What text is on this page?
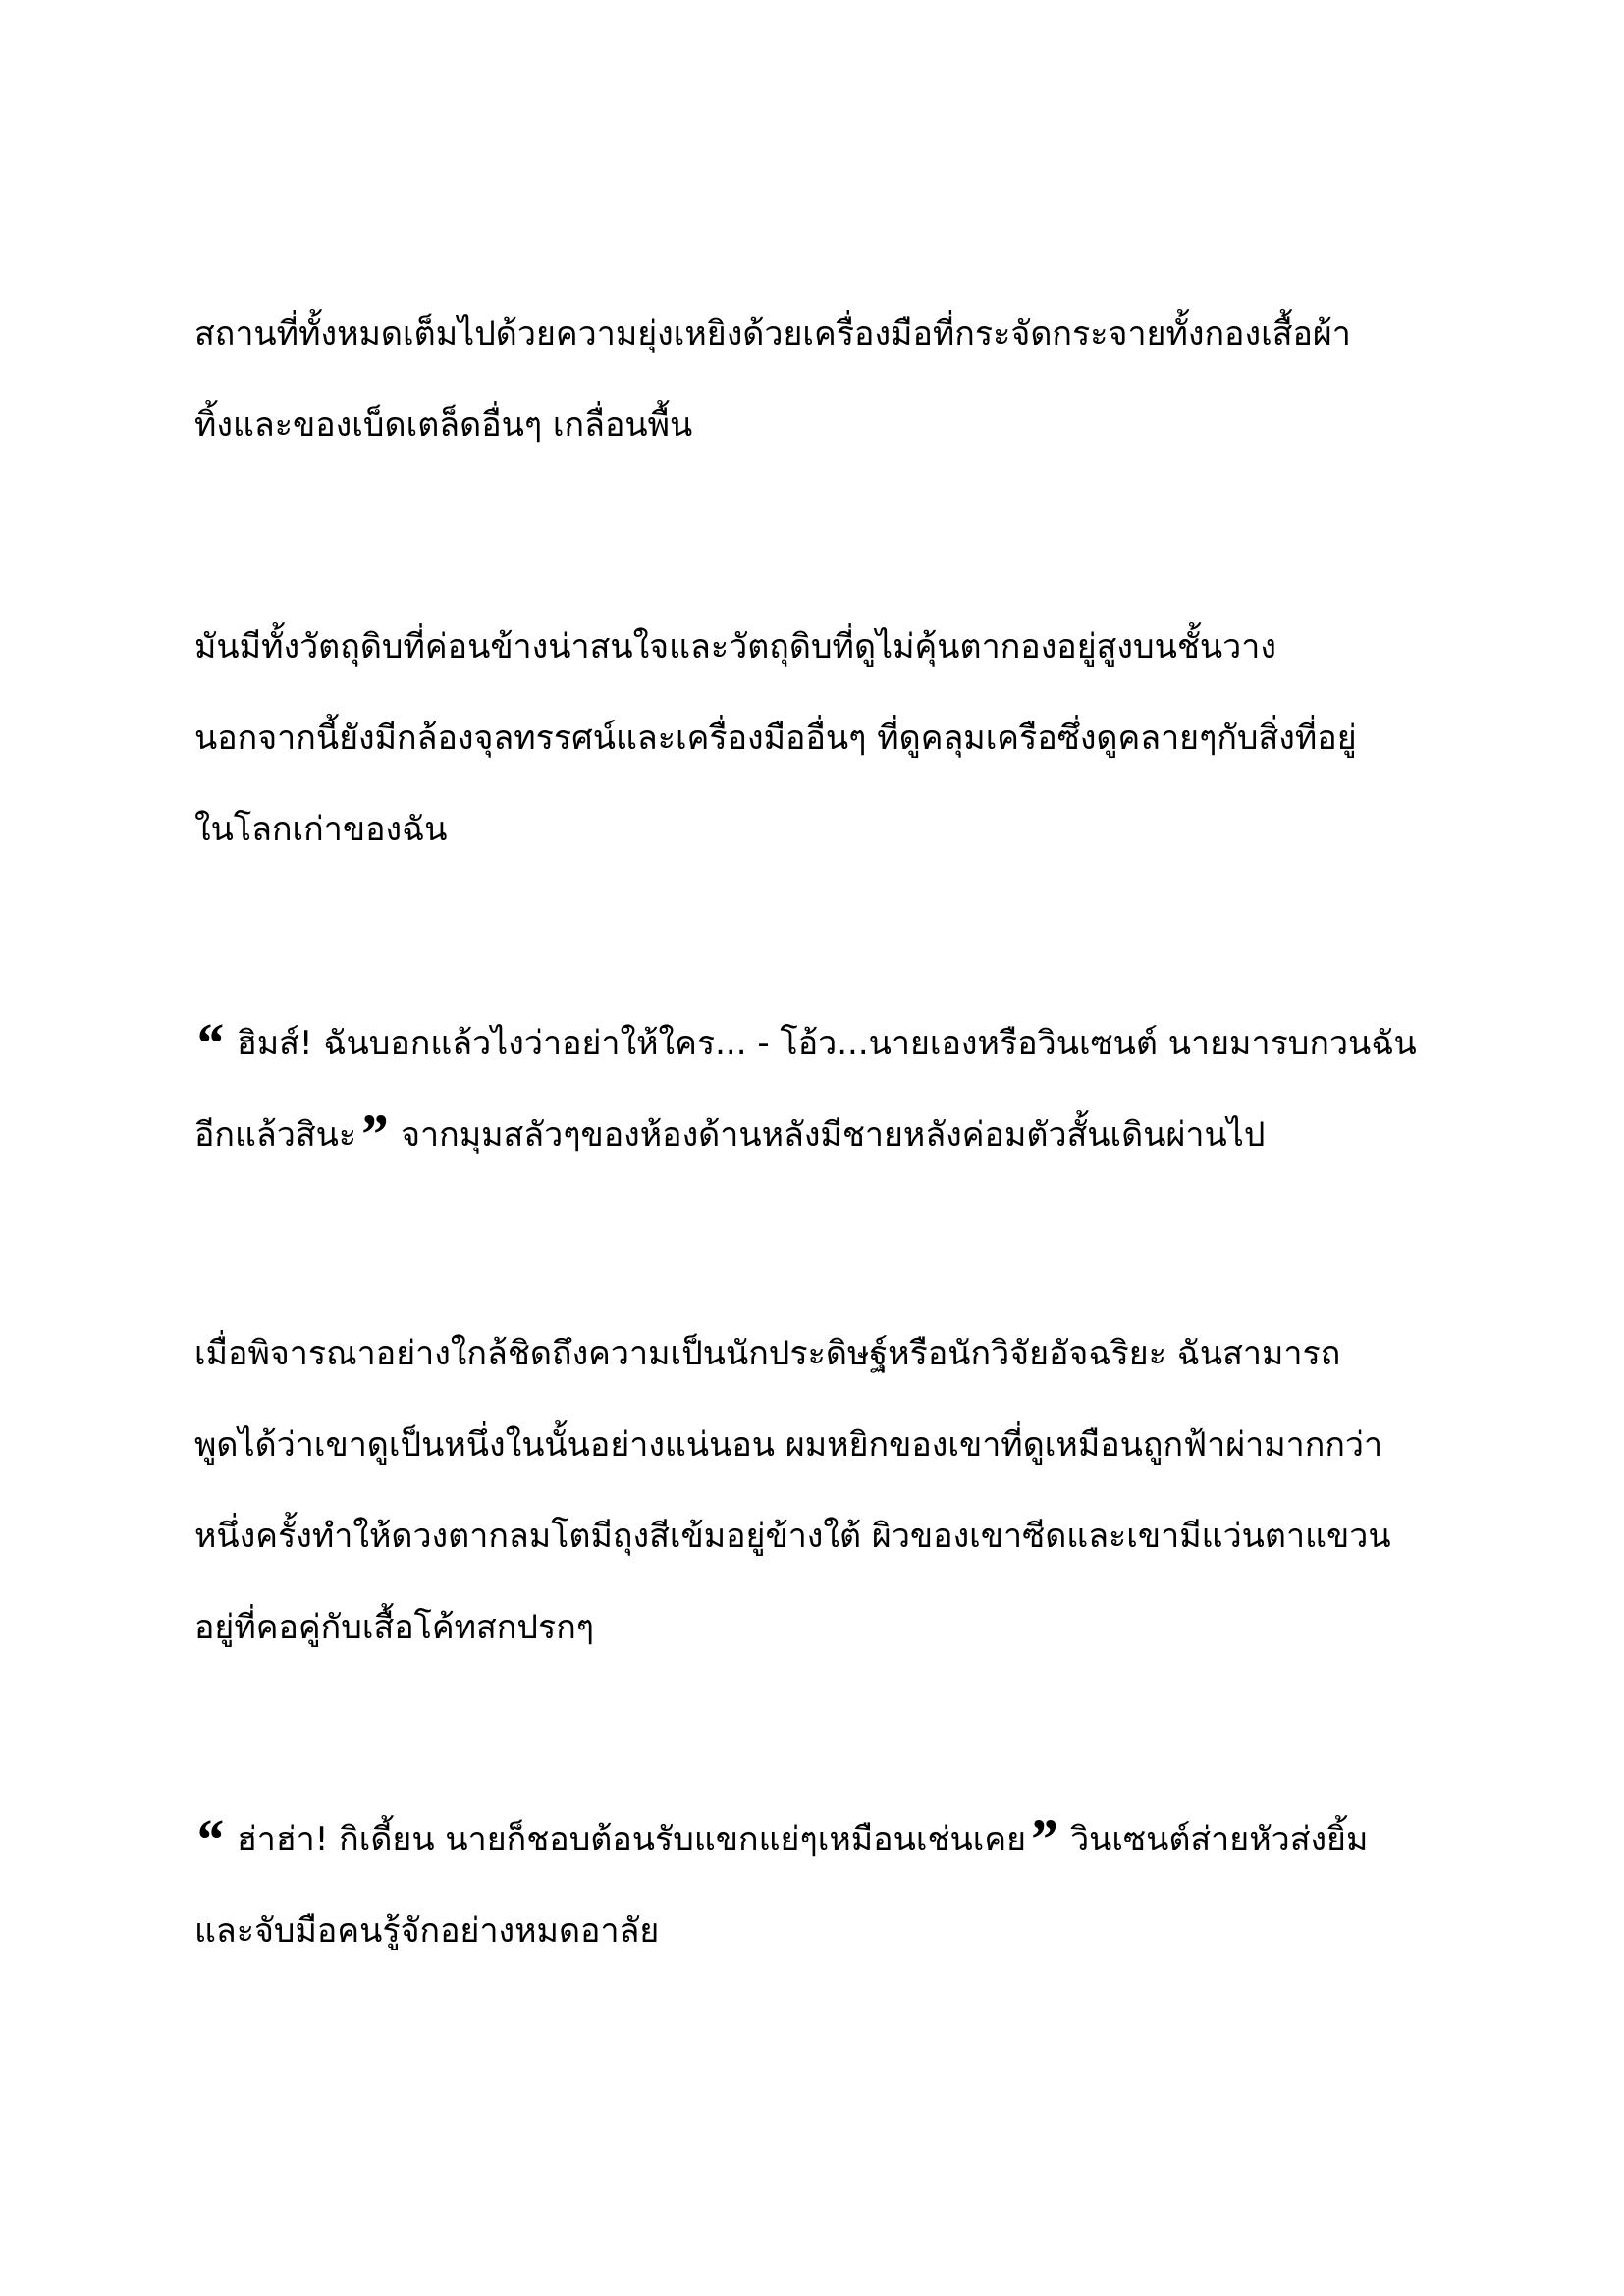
สถานที่ทั้งหมดเต็มไปด้วยความยุ่งเหยิงด้วยเครื่องมือที่กระจัดกระจายทั้งกองเสื้อผ้า
ทิ้งและของเบ็ดเตล็ดอื่นๆ เกลื่อนพื้น
มันมีทั้งวัตถุดิบที่ค่อนข้างน่าสนใจและวัตถุดิบที่ดูไม่คุ้นตากองอยู่สูงบนชั้นวาง
นอกจากนี้ยังมีกล้องจุลทรรศน์และเครื่องมืออื่นๆ ที่ดูคลุมเครือซึ่งดูคลายๆกับสิ่งที่อยู่
ในโลกเก่าของฉัน
“ ฮิมส์! ฉันบอกแล้วไงว่าอย่าให้ใคร... - โอ้ว...นายเองหรือวินเซนต์ นายมารบกวนฉัน
อีกแล้วสินะ” จากมุมสลัวๆของห้องด้านหลังมีชายหลังค่อมตัวสั้นเดินผ่านไป
เมื่อพิจารณาอย่างใกล้ชิดถึงความเป็นนักประดิษฐ์หรือนักวิจัยอัจฉริยะ ฉันสามารถ
พูดได้ว่าเขาดูเป็นหนึ่งในนั้นอย่างแน่นอน ผมหยิกของเขาที่ดูเหมือนถูกฟ้าผ่ามากกว่า
หนึ่งครั้งทำให้ดวงตากลมโตมีถุงสีเข้มอยู่ข้างใต้ ผิวของเขาซีดและเขามีแว่นตาแขวน
อยู่ที่คอคู่กับเสื้อโค้ทสกปรกๆ
“ ฮ่าฮ่า! กิเดี้ยน นายก็ชอบต้อนรับแขกแย่ๆเหมือนเช่นเคย” วินเซนต์ส่ายหัวส่งยิ้ม
และจับมือคนรู้จักอย่างหมดอาลัย
